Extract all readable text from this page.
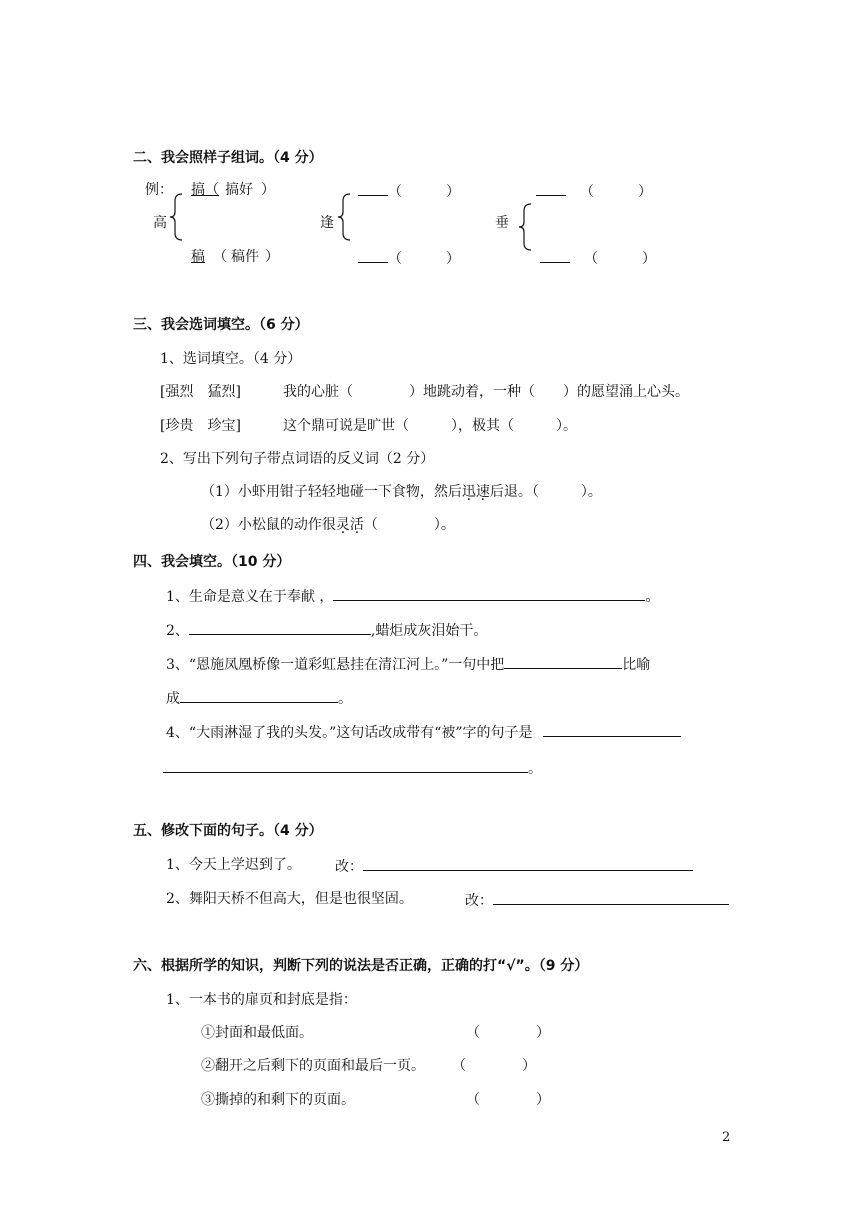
二、我会照样子组词。（4 分）
例：	搞（ 搞好 ）
高
稿 （ 稿件 ）
（	）
逢
（	）
（	）
垂
（	）
三、我会选词填空。（6 分）
1、选词填空。（4 分）
[强烈　猛烈]	我的心脏（　　　　）地跳动着，一种（　　）的愿望涌上心头。
[珍贵　珍宝]	这个鼎可说是旷世（　　　），极其（　　　）。
2、写出下列句子带点词语的反义词（2 分）
（1）小虾用钳子轻轻地碰一下食物，然后迅速后退。（　　　）。
（2）小松鼠的动作很灵活（　　　　）。
四、我会填空。（10 分）
1、生命是意义在于奉献 ，	。
2、	,蜡炬成灰泪始干。
3、“恩施凤凰桥像一道彩虹悬挂在清江河上。”一句中把	比喻
成	。
4、“大雨淋湿了我的头发。”这句话改成带有“被”字的句子是
。
五、修改下面的句子。（4 分）
1、今天上学迟到了。 改：
2、舞阳天桥不但高大，但是也很坚固。	改：
六、根据所学的知识，判断下列的说法是否正确，正确的打“√”。（9 分）
1、一本书的扉页和封底是指：
①封面和最低面。	（　　　　）
②翻开之后剩下的页面和最后一页。 （　　　　）
③撕掉的和剩下的页面。	（　　　　）
2
